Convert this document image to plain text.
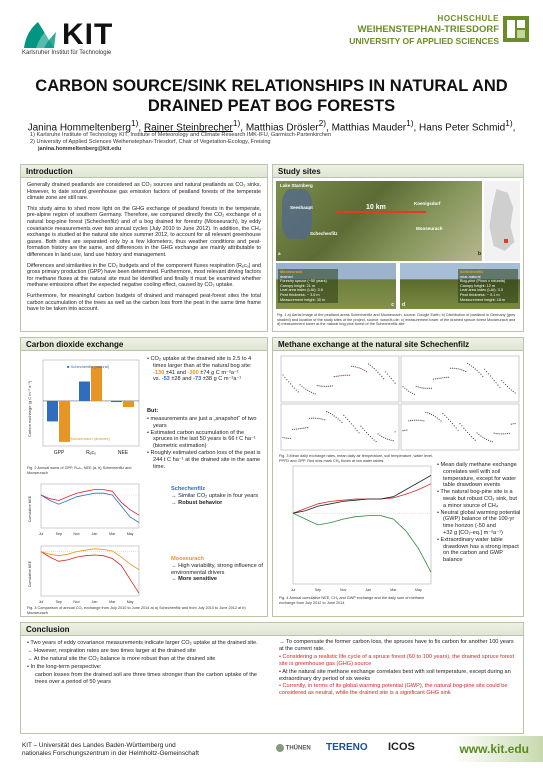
KIT
Karlsruher Institut für Technologie
HOCHSCHULE
WEIHENSTEPHAN-TRIESDORF
UNIVERSITY OF APPLIED SCIENCES
CARBON SOURCE/SINK RELATIONSHIPS IN NATURAL AND
DRAINED PEAT BOG FORESTS
Janina Hommeltenberg$^{1)}$, Rainer Steinbrecher$^{1)}$, Matthias Drösler$^{2)}$, Matthias Mauder$^{1)}$, Hans Peter Schmid$^{1)}$,
1) Karlsruhe Institute of Technology KIT, Institute of Meteorology and Climate Research IMK-IFU, Garmisch-Partenkirchen
2) University of Applied Sciences Weihenstephan-Triesdorf, Chair of Vegetation-Ecology, Freising
janina.hommeltenberg@kit.edu
Introduction

Generally drained peatlands are considered as CO₂ sources and natural peatlands as CO₂ sinks. However, to date sound greenhouse gas emission factors of peatland forests of the temperate climate zone are still rare.

This study aims to shed more light on the GHG exchange of peatland forests in the temperate, pre-alpine region of southern Germany. Therefore, we compared directly the CO₂ exchange of a natural bog-pine forest (Schechenfilz) and of a bog drained for forestry (Mooseurach), by eddy covariance measurements over two annual cycles (July 2010 to June 2012). In addition, the CH₄ exchange is studied at the natural site since summer 2012, to account for all relevant greenhouse gases. Both sites are separated only by a few kilometers, thus weather conditions and peat-formation history are the same, and differences in the GHG exchange are mainly attributable to differences in land use, land use history and management.

Differences and similarities in the CO₂ budgets and of the component fluxes respiration (Rₑcₒ) and gross primary production (GPP) have been determined. Furthermore, most relevant driving factors for methane fluxes at the natural site must be identified and finally it must be examined whether methane emissions offset the expected negative cooling effect, caused by CO₂ uptake.

Furthermore, for meaningful carbon budgets of drained and managed peat-forest sites the total carbon accumulation of the trees as well as the carbon loss from the peat in the same time frame have to be taken into account.

Study sites
Lake Starnberg
Seeshaupt
Schechenfilz
Mooseurach
Koenigsdorf
10 km
a	b
Mooseurach
drained
Forestry spruce (~50 years)
Canopy height: 21 m
Leaf area index (LAI): 3.6
Peat thickness: ~ 3.6 m
Measurement height: 30 m
c
Schechenfilz
near-natural
Bog-pine (Pinus x rotunda)
Canopy height: 12 m
Leaf area index (LAI): 3.3
Peat thickness: ~ 5.1 m
Measurement height: 18 m
d
Fig. 1 a) Aerial image of the peatland areas Schechenfilz and Mooseurach, source: Google Earth; b) Distribution of peatland in Germany (grey shaded) and location of the study sites of the project, source: www.lfu.de; c) measurement tower of the drained spruce forest Mooseurach and d) measurement tower at the natural bog pine forest of the Schechenfilz site.
Carbon dioxide exchange
GPP	Rₑcₒ	NEE
Carbon exchange (g C m⁻² a⁻¹)
■ Schechenfilz (natural)
■ Mooseurach (drained)
Fig. 2 Annual sums of GPP, Rₑcₒ, NEE (a, b) Schechenfilz and Mooseurach
Jul	Sep	Nov	Jan	Mar	May
Cumulative NEE
Jul	Sep	Nov	Jan	Mar	May
Cumulative NEE
Fig. 3 Comparison of annual CO₂ exchange from July 2010 to June 2014 at a) Schechenfilz and from July 2010 to June 2012 at b) Mooseurach
• CO₂ uptake at the drained site is 2.5 to 4 times larger than at the natural bog site:
-130 ±41 and -300 ±74 g C m⁻²a⁻¹
vs. -53 ±28 and -73 ±38 g C m⁻²a⁻¹
But:
• measurements are just a „snapshot“ of two years
• Estimated carbon accumulation of the spruces in the last 50 years is 66 t C ha⁻¹ (biometric estimation)
• Roughly estimated carbon loss of the peat is 244 t C ha⁻¹ at the drained site in the same time.
Schechenfilz
→ Similar CO₂ uptake in four years
→ Robust behavior
Mooseurach
→ High variability, strong influence of environmental drivers
→ More sensitive
Methane exchange at the natural site Schechenfilz
Fig. 3 Mean daily exchange rates, mean daily air temperature, soil temperature, water level, PPFD and GPP. Red dots mark CH₄ fluxes at low water tables.
Jul	Sep	Nov	Jan	Mar	May
Fig. 4 Annual cumulative NEE, CH₄ and GWP exchange and the daily sum of methane exchange from July 2012 to June 2014
• Mean daily methane exchange correlates well with soil temperature, except for water table drawdown events
• The natural bog-pine site is a weak but robust CO₂ sink, but a minor source of CH₄
• Neutral global warming potential (GWP) balance of the 100-yr time horizon (-50 and
+32 g [CO₂-eq.] m⁻²a⁻¹)
• Extraordinary water table drawdown has a strong impact on the carbon and GWP balance
Conclusion

• Two years of eddy covariance measurements indicate larger CO₂ uptake at the drained site.

→ However, respiration rates are two times larger at the drained site

→ At the natural site the CO₂ balance is more robust than at the drained site

• In the long-term perspective:

carbon losses from the drained soil are three times stronger than the carbon uptake of the trees over a period of 50 years

→ To compensate the former carbon loss, the spruces have to fix carbon for another 100 years at the current rate.

• Considering a realistic life cycle of a spruce forest (60 to 100 years), the drained spruce forest site is greenhouse gas (GHG) source

• At the natural site methane exchange correlates best with soil temperature, except during an extraordinary dry period of six weeks

• Currently, in terms of its global warming potential (GWP), the natural bog-pine site could be considered as neutral, while the drained site is a significant GHG sink

KIT – Universität des Landes Baden-Württemberg und
nationales Forschungszentrum in der Helmholtz-Gemeinschaft
THÜNEN TERENO ICOS	www.kit.edu
